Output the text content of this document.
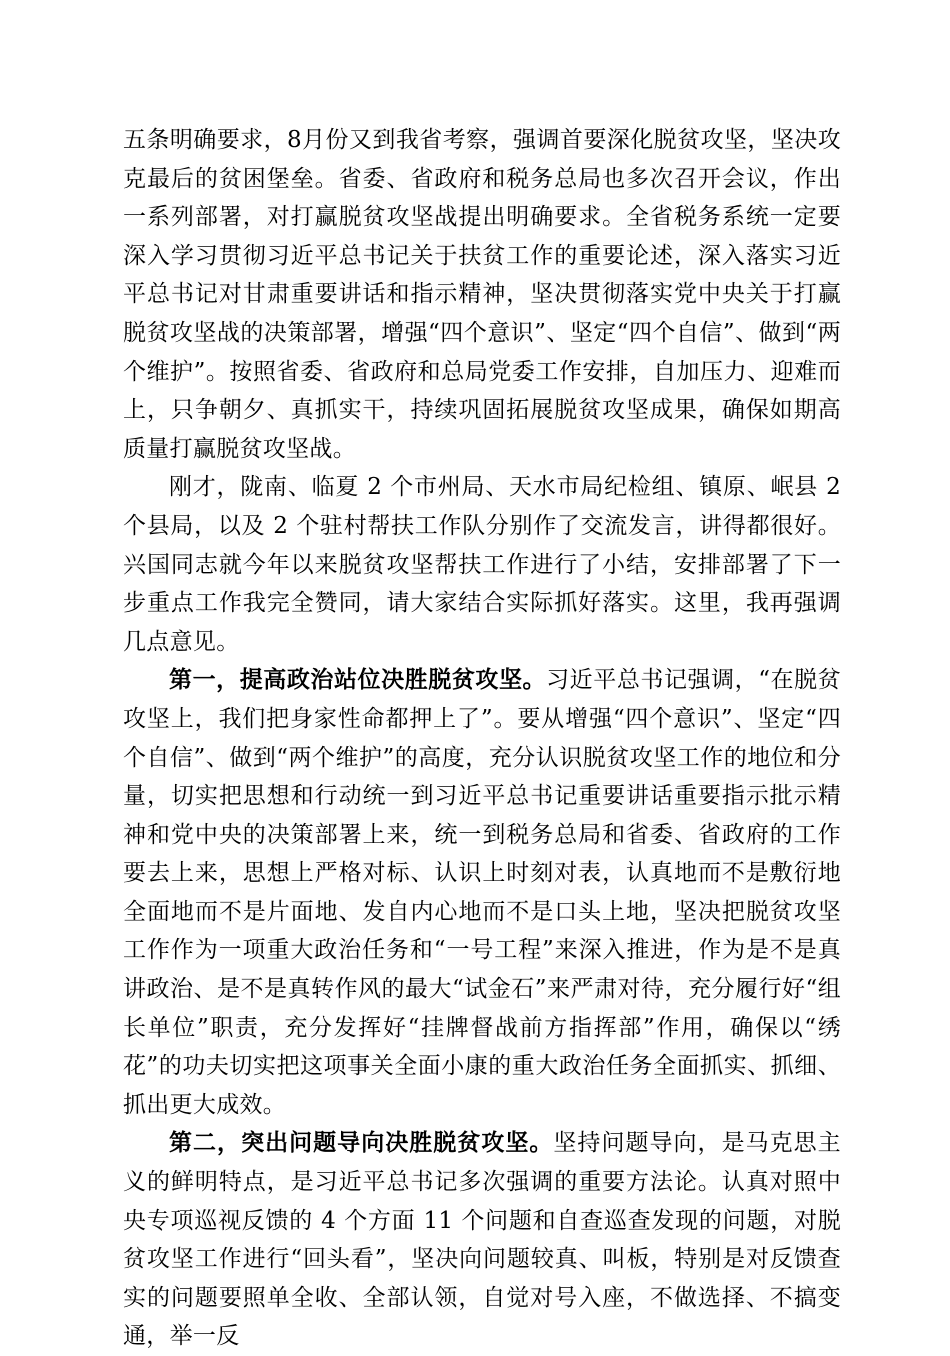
五条明确要求，8月份又到我省考察，强调首要深化脱贫攻坚，坚决攻克最后的贫困堡垒。省委、省政府和税务总局也多次召开会议，作出一系列部署，对打赢脱贫攻坚战提出明确要求。全省税务系统一定要深入学习贯彻习近平总书记关于扶贫工作的重要论述，深入落实习近平总书记对甘肃重要讲话和指示精神，坚决贯彻落实党中央关于打赢脱贫攻坚战的决策部署，增强“四个意识”、坚定“四个自信”、做到“两个维护”。按照省委、省政府和总局党委工作安排，自加压力、迎难而上，只争朝夕、真抓实干，持续巩固拓展脱贫攻坚成果，确保如期高质量打赢脱贫攻坚战。

刚才，陇南、临夏 2 个市州局、天水市局纪检组、镇原、岷县 2 个县局，以及 2 个驻村帮扶工作队分别作了交流发言，讲得都很好。兴国同志就今年以来脱贫攻坚帮扶工作进行了小结，安排部署了下一步重点工作我完全赞同，请大家结合实际抓好落实。这里，我再强调几点意见。

第一，提高政治站位决胜脱贫攻坚。习近平总书记强调，“在脱贫攻坚上，我们把身家性命都押上了”。要从增强“四个意识”、坚定“四个自信”、做到“两个维护”的高度，充分认识脱贫攻坚工作的地位和分量，切实把思想和行动统一到习近平总书记重要讲话重要指示批示精神和党中央的决策部署上来，统一到税务总局和省委、省政府的工作要去上来，思想上严格对标、认识上时刻对表，认真地而不是敷衍地全面地而不是片面地、发自内心地而不是口头上地，坚决把脱贫攻坚工作作为一项重大政治任务和“一号工程”来深入推进，作为是不是真讲政治、是不是真转作风的最大“试金石”来严肃对待，充分履行好“组长单位”职责，充分发挥好“挂牌督战前方指挥部”作用，确保以“绣花”的功夫切实把这项事关全面小康的重大政治任务全面抓实、抓细、抓出更大成效。

第二，突出问题导向决胜脱贫攻坚。坚持问题导向，是马克思主义的鲜明特点，是习近平总书记多次强调的重要方法论。认真对照中央专项巡视反馈的 4 个方面 11 个问题和自查巡查发现的问题，对脱贫攻坚工作进行“回头看”，坚决向问题较真、叫板，特别是对反馈查实的问题要照单全收、全部认领，自觉对号入座，不做选择、不搞变通，举一反
